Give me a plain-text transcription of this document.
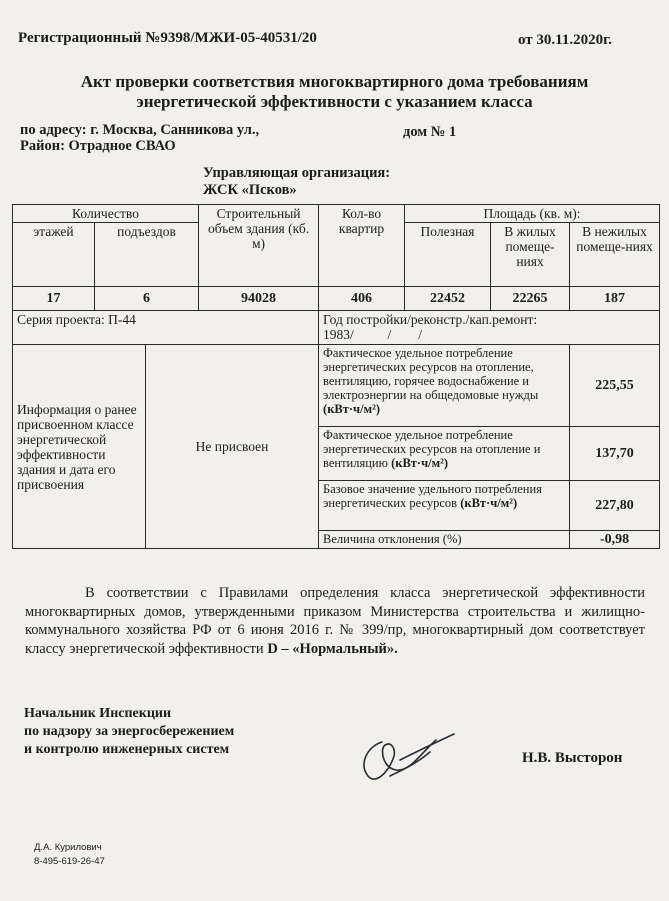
Регистрационный №9398/МЖИ-05-40531/20	от 30.11.2020г.
Акт проверки соответствия многоквартирного дома требованиям
энергетической эффективности с указанием класса
по адресу: г. Москва, Санникова ул.,	дом № 1
Район: Отрадное СВАО
Управляющая организация:
ЖСК «Псков»
Количество			Строительный объем здания (кб. м)	Кол-во квартир	Площадь (кв. м):		
этажей	подъездов				Полезная	В жилых помеще-ниях	В нежилых помеще-ниях
17	6		94028	406	22452	22265	187
Серия проекта: П-44				Год постройки/реконстр./кап.ремонт:
1983/          /        /			

Информация о ранее присвоенном классе энергетической эффективности здания и дата его присвоения		Не присвоен		Фактическое удельное потребление энергетических ресурсов на отопление, вентиляцию, горячее водоснабжение и электроэнергии на общедомовые нужды (кВт·ч/м²)			225,55
				Фактическое удельное потребление энергетических ресурсов на отопление и вентиляцию (кВт·ч/м²)			137,70
				Базовое значение удельного потребления энергетических ресурсов (кВт·ч/м²)			227,80
				Величина отклонения (%)			-0,98
В соответствии с Правилами определения класса энергетической эффективности многоквартирных домов, утвержденными приказом Министерства строительства и жилищно-коммунального хозяйства РФ от 6 июня 2016 г. № 399/пр, многоквартирный дом соответствует классу энергетической эффективности D – «Нормальный».
Начальник Инспекции
по надзору за энергосбережением
и контролю инженерных систем
Н.В. Высторон
Д.А. Курилович
8-495-619-26-47
